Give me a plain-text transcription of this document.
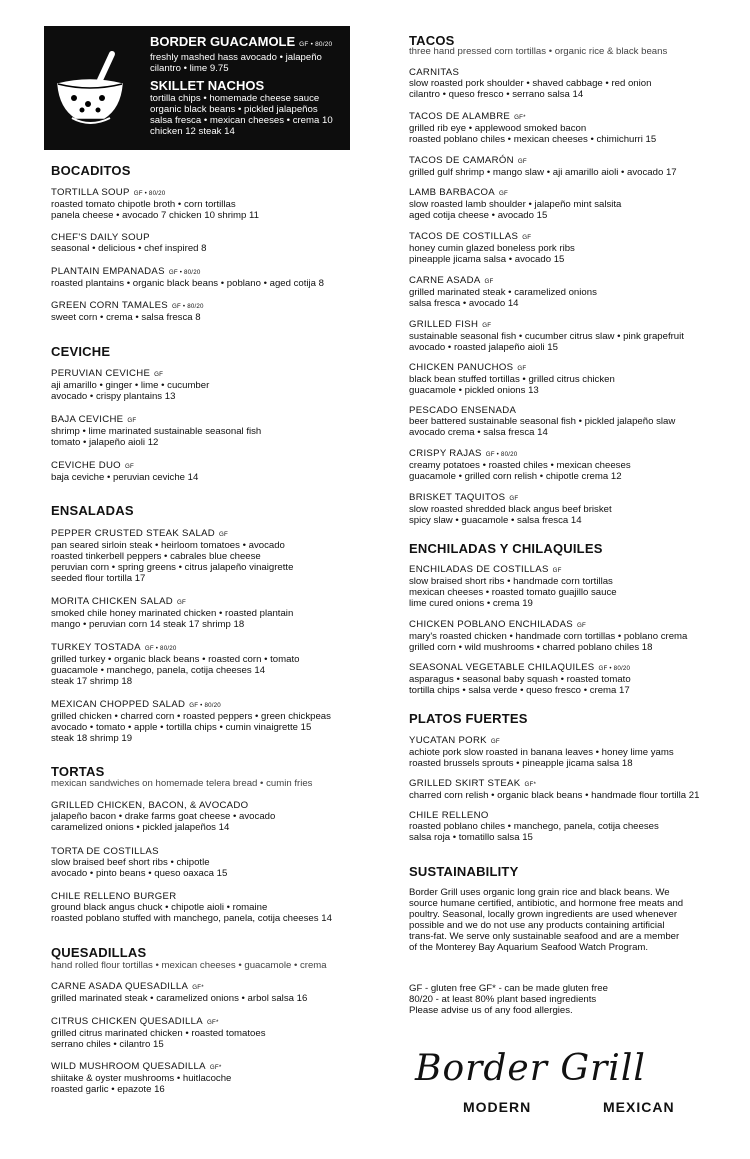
BORDER GUACAMOLE GF • 80/20
freshly mashed hass avocado • jalapeño
cilantro • lime 9.75
SKILLET NACHOS
tortilla chips • homemade cheese sauce
organic black beans • pickled jalapeños
salsa fresca • mexican cheeses • crema 10
chicken 12 steak 14
BOCADITOS
TORTILLA SOUP GF • 80/20
roasted tomato chipotle broth • corn tortillas
panela cheese • avocado 7 chicken 10 shrimp 11
CHEF'S DAILY SOUP
seasonal • delicious • chef inspired 8
PLANTAIN EMPANADAS GF • 80/20
roasted plantains • organic black beans • poblano • aged cotija 8
GREEN CORN TAMALES GF • 80/20
sweet corn • crema • salsa fresca 8
CEVICHE
PERUVIAN CEVICHE GF
aji amarillo • ginger • lime • cucumber
avocado • crispy plantains 13
BAJA CEVICHE GF
shrimp • lime marinated sustainable seasonal fish
tomato • jalapeño aioli 12
CEVICHE DUO GF
baja ceviche • peruvian ceviche 14
ENSALADAS
PEPPER CRUSTED STEAK SALAD GF
pan seared sirloin steak • heirloom tomatoes • avocado
roasted tinkerbell peppers • cabrales blue cheese
peruvian corn • spring greens • citrus jalapeño vinaigrette
seeded flour tortilla 17
MORITA CHICKEN SALAD GF
smoked chile honey marinated chicken • roasted plantain
mango • peruvian corn 14 steak 17 shrimp 18
TURKEY TOSTADA GF • 80/20
grilled turkey • organic black beans • roasted corn • tomato
guacamole • manchego, panela, cotija cheeses 14
steak 17 shrimp 18
MEXICAN CHOPPED SALAD GF • 80/20
grilled chicken • charred corn • roasted peppers • green chickpeas
avocado • tomato • apple • tortilla chips • cumin vinaigrette 15
steak 18 shrimp 19
TORTAS
mexican sandwiches on homemade telera bread • cumin fries
GRILLED CHICKEN, BACON, & AVOCADO
jalapeño bacon • drake farms goat cheese • avocado
caramelized onions • pickled jalapeños 14
TORTA DE COSTILLAS
slow braised beef short ribs • chipotle
avocado • pinto beans • queso oaxaca 15
CHILE RELLENO BURGER
ground black angus chuck • chipotle aioli • romaine
roasted poblano stuffed with manchego, panela, cotija cheeses 14
QUESADILLAS
hand rolled flour tortillas • mexican cheeses • guacamole • crema
CARNE ASADA QUESADILLA GF*
grilled marinated steak • caramelized onions • arbol salsa 16
CITRUS CHICKEN QUESADILLA GF*
grilled citrus marinated chicken • roasted tomatoes
serrano chiles • cilantro 15
WILD MUSHROOM QUESADILLA GF*
shiitake & oyster mushrooms • huitlacoche
roasted garlic • epazote 16
TACOS
three hand pressed corn tortillas • organic rice & black beans
CARNITAS
slow roasted pork shoulder • shaved cabbage • red onion
cilantro • queso fresco • serrano salsa 14
TACOS DE ALAMBRE GF*
grilled rib eye • applewood smoked bacon
roasted poblano chiles • mexican cheeses • chimichurri 15
TACOS DE CAMARÓN GF
grilled gulf shrimp • mango slaw • aji amarillo aioli • avocado 17
LAMB BARBACOA GF
slow roasted lamb shoulder • jalapeño mint salsita
aged cotija cheese • avocado 15
TACOS DE COSTILLAS GF
honey cumin glazed boneless pork ribs
pineapple jicama salsa • avocado 15
CARNE ASADA GF
grilled marinated steak • caramelized onions
salsa fresca • avocado 14
GRILLED FISH GF
sustainable seasonal fish • cucumber citrus slaw • pink grapefruit
avocado • roasted jalapeño aioli 15
CHICKEN PANUCHOS GF
black bean stuffed tortillas • grilled citrus chicken
guacamole • pickled onions 13
PESCADO ENSENADA
beer battered sustainable seasonal fish • pickled jalapeño slaw
avocado crema • salsa fresca 14
CRISPY RAJAS GF • 80/20
creamy potatoes • roasted chiles • mexican cheeses
guacamole • grilled corn relish • chipotle crema 12
BRISKET TAQUITOS GF
slow roasted shredded black angus beef brisket
spicy slaw • guacamole • salsa fresca 14
ENCHILADAS Y CHILAQUILES
ENCHILADAS DE COSTILLAS GF
slow braised short ribs • handmade corn tortillas
mexican cheeses • roasted tomato guajillo sauce
lime cured onions • crema 19
CHICKEN POBLANO ENCHILADAS GF
mary's roasted chicken • handmade corn tortillas • poblano crema
grilled corn • wild mushrooms • charred poblano chiles 18
SEASONAL VEGETABLE CHILAQUILES GF • 80/20
asparagus • seasonal baby squash • roasted tomato
tortilla chips • salsa verde • queso fresco • crema 17
PLATOS FUERTES
YUCATAN PORK GF
achiote pork slow roasted in banana leaves • honey lime yams
roasted brussels sprouts • pineapple jicama salsa 18
GRILLED SKIRT STEAK GF*
charred corn relish • organic black beans • handmade flour tortilla 21
CHILE RELLENO
roasted poblano chiles • manchego, panela, cotija cheeses
salsa roja • tomatillo salsa 15
SUSTAINABILITY
Border Grill uses organic long grain rice and black beans. We
source humane certified, antibiotic, and hormone free meats and
poultry. Seasonal, locally grown ingredients are used whenever
possible and we do not use any products containing artificial
trans-fat. We serve only sustainable seafood and are a member
of the Monterey Bay Aquarium Seafood Watch Program.
GF - gluten free GF* - can be made gluten free
80/20 - at least 80% plant based ingredients
Please advise us of any food allergies.
Border Grill
MODERN	MEXICAN
